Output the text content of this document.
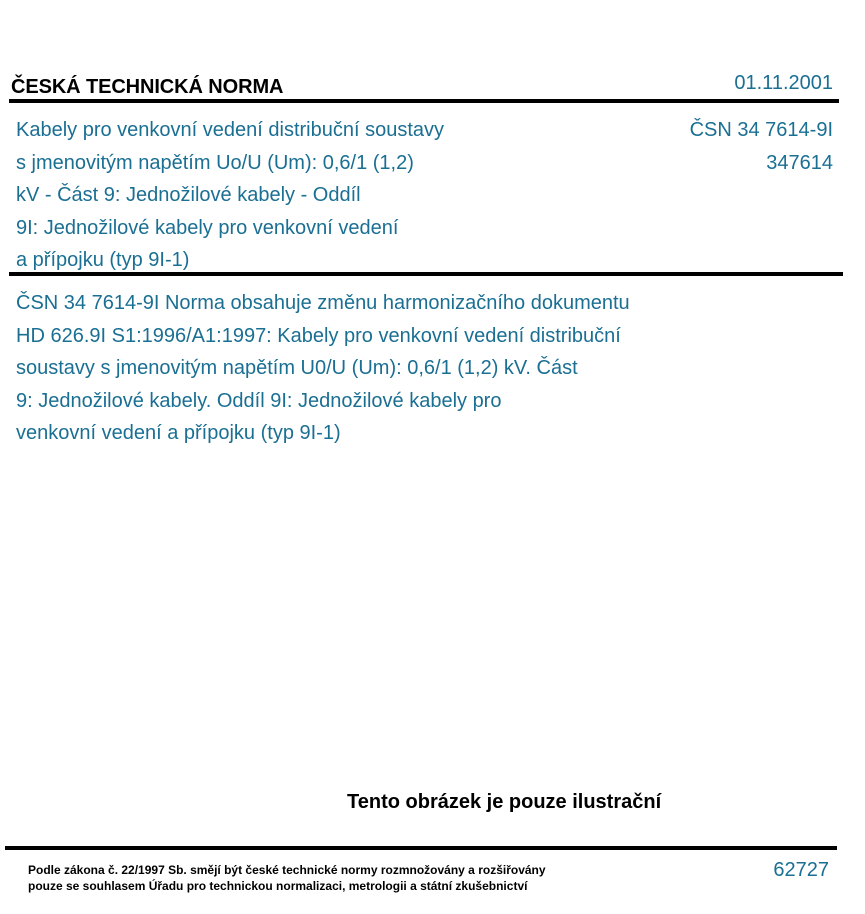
ČESKÁ TECHNICKÁ NORMA	01.11.2001
Kabely pro venkovní vedení distribuční soustavy
s jmenovitým napětím Uo/U (Um): 0,6/1 (1,2)
kV - Část 9: Jednožilové kabely - Oddíl
9I: Jednožilové kabely pro venkovní vedení
a přípojku (typ 9I-1)
ČSN 34 7614-9I
347614
ČSN 34 7614-9I Norma obsahuje změnu harmonizačního dokumentu
HD 626.9I S1:1996/A1:1997: Kabely pro venkovní vedení distribuční
soustavy s jmenovitým napětím U0/U (Um): 0,6/1 (1,2) kV. Část
9: Jednožilové kabely. Oddíl 9I: Jednožilové kabely pro
venkovní vedení a přípojku (typ 9I-1)
Tento obrázek je pouze ilustrační
Podle zákona č. 22/1997 Sb. smějí být české technické normy rozmnožovány a rozšiřovány
pouze se souhlasem Úřadu pro technickou normalizaci, metrologii a státní zkušebnictví
62727
